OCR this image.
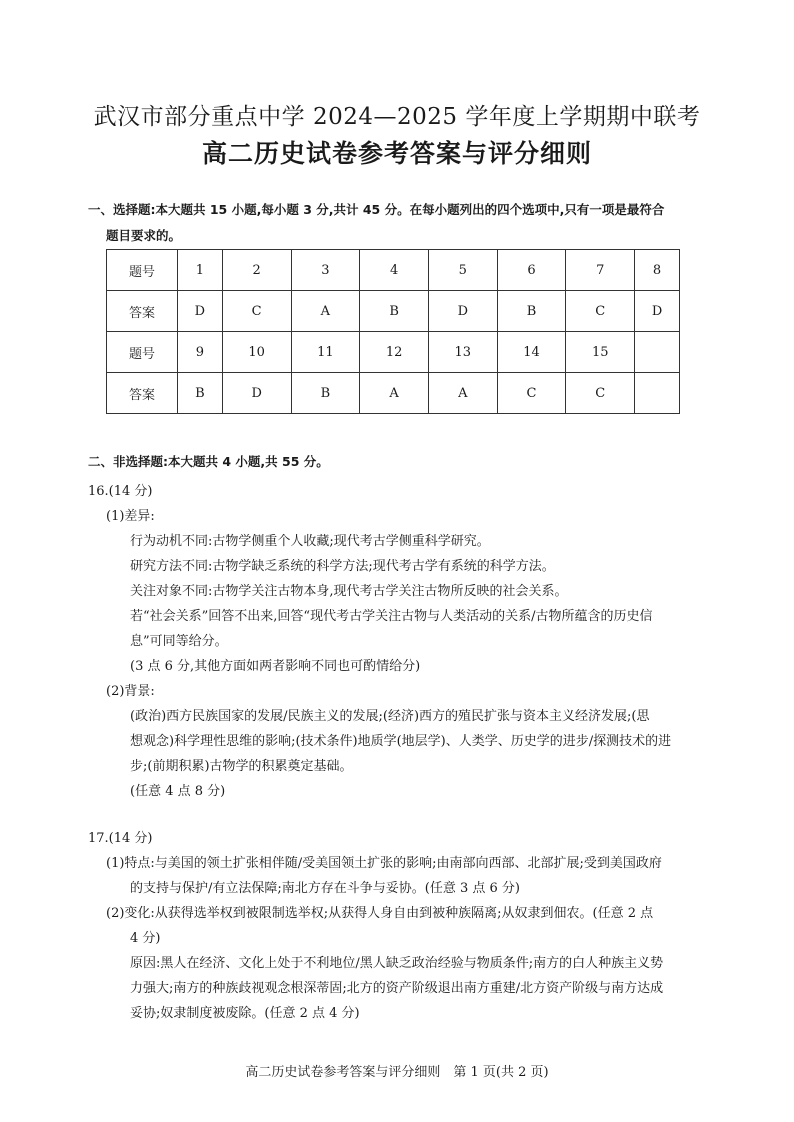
武汉市部分重点中学 2024—2025 学年度上学期期中联考
高二历史试卷参考答案与评分细则
一、选择题:本大题共 15 小题,每小题 3 分,共计 45 分。在每小题列出的四个选项中,只有一项是最符合
题目要求的。
题号	1	2	3	4	5	6	7	8
答案	D	C	A	B	D	B	C	D
题号	9	10	11	12	13	14	15	
答案	B	D	B	A	A	C	C	
二、非选择题:本大题共 4 小题,共 55 分。
16.(14 分)
(1)差异:
行为动机不同:古物学侧重个人收藏;现代考古学侧重科学研究。
研究方法不同:古物学缺乏系统的科学方法;现代考古学有系统的科学方法。
关注对象不同:古物学关注古物本身,现代考古学关注古物所反映的社会关系。
若“社会关系”回答不出来,回答“现代考古学关注古物与人类活动的关系/古物所蕴含的历史信
息”可同等给分。
(3 点 6 分,其他方面如两者影响不同也可酌情给分)
(2)背景:
(政治)西方民族国家的发展/民族主义的发展;(经济)西方的殖民扩张与资本主义经济发展;(思
想观念)科学理性思维的影响;(技术条件)地质学(地层学)、人类学、历史学的进步/探测技术的进
步;(前期积累)古物学的积累奠定基础。
(任意 4 点 8 分)
17.(14 分)
(1)特点:与美国的领土扩张相伴随/受美国领土扩张的影响;由南部向西部、北部扩展;受到美国政府
的支持与保护/有立法保障;南北方存在斗争与妥协。(任意 3 点 6 分)
(2)变化:从获得选举权到被限制选举权;从获得人身自由到被种族隔离;从奴隶到佃农。(任意 2 点
4 分)
原因:黑人在经济、文化上处于不利地位/黑人缺乏政治经验与物质条件;南方的白人种族主义势
力强大;南方的种族歧视观念根深蒂固;北方的资产阶级退出南方重建/北方资产阶级与南方达成
妥协;奴隶制度被废除。(任意 2 点 4 分)
高二历史试卷参考答案与评分细则　第 1 页(共 2 页)
